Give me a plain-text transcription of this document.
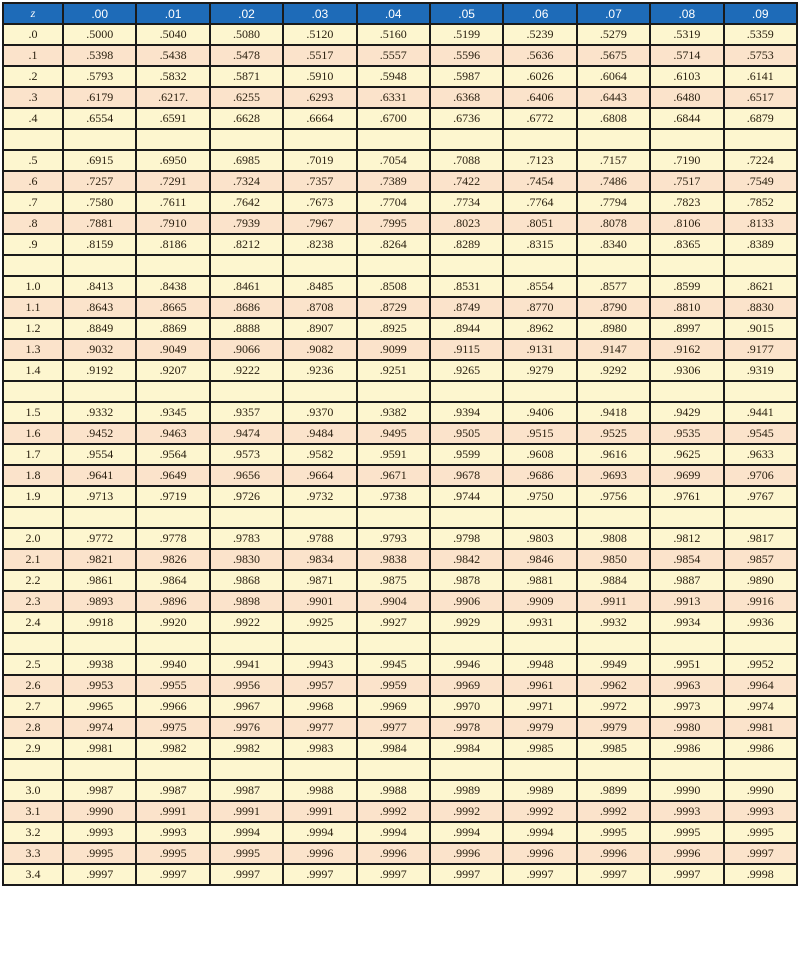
z	.00	.01	.02	.03	.04	.05	.06	.07	.08	.09
.0	.5000	.5040	.5080	.5120	.5160	.5199	.5239	.5279	.5319	.5359
.1	.5398	.5438	.5478	.5517	.5557	.5596	.5636	.5675	.5714	.5753
.2	.5793	.5832	.5871	.5910	.5948	.5987	.6026	.6064	.6103	.6141
.3	.6179	.6217.	.6255	.6293	.6331	.6368	.6406	.6443	.6480	.6517
.4	.6554	.6591	.6628	.6664	.6700	.6736	.6772	.6808	.6844	.6879

.5	.6915	.6950	.6985	.7019	.7054	.7088	.7123	.7157	.7190	.7224
.6	.7257	.7291	.7324	.7357	.7389	.7422	.7454	.7486	.7517	.7549
.7	.7580	.7611	.7642	.7673	.7704	.7734	.7764	.7794	.7823	.7852
.8	.7881	.7910	.7939	.7967	.7995	.8023	.8051	.8078	.8106	.8133
.9	.8159	.8186	.8212	.8238	.8264	.8289	.8315	.8340	.8365	.8389

1.0	.8413	.8438	.8461	.8485	.8508	.8531	.8554	.8577	.8599	.8621
1.1	.8643	.8665	.8686	.8708	.8729	.8749	.8770	.8790	.8810	.8830
1.2	.8849	.8869	.8888	.8907	.8925	.8944	.8962	.8980	.8997	.9015
1.3	.9032	.9049	.9066	.9082	.9099	.9115	.9131	.9147	.9162	.9177
1.4	.9192	.9207	.9222	.9236	.9251	.9265	.9279	.9292	.9306	.9319

1.5	.9332	.9345	.9357	.9370	.9382	.9394	.9406	.9418	.9429	.9441
1.6	.9452	.9463	.9474	.9484	.9495	.9505	.9515	.9525	.9535	.9545
1.7	.9554	.9564	.9573	.9582	.9591	.9599	.9608	.9616	.9625	.9633
1.8	.9641	.9649	.9656	.9664	.9671	.9678	.9686	.9693	.9699	.9706
1.9	.9713	.9719	.9726	.9732	.9738	.9744	.9750	.9756	.9761	.9767

2.0	.9772	.9778	.9783	.9788	.9793	.9798	.9803	.9808	.9812	.9817
2.1	.9821	.9826	.9830	.9834	.9838	.9842	.9846	.9850	.9854	.9857
2.2	.9861	.9864	.9868	.9871	.9875	.9878	.9881	.9884	.9887	.9890
2.3	.9893	.9896	.9898	.9901	.9904	.9906	.9909	.9911	.9913	.9916
2.4	.9918	.9920	.9922	.9925	.9927	.9929	.9931	.9932	.9934	.9936

2.5	.9938	.9940	.9941	.9943	.9945	.9946	.9948	.9949	.9951	.9952
2.6	.9953	.9955	.9956	.9957	.9959	.9969	.9961	.9962	.9963	.9964
2.7	.9965	.9966	.9967	.9968	.9969	.9970	.9971	.9972	.9973	.9974
2.8	.9974	.9975	.9976	.9977	.9977	.9978	.9979	.9979	.9980	.9981
2.9	.9981	.9982	.9982	.9983	.9984	.9984	.9985	.9985	.9986	.9986

3.0	.9987	.9987	.9987	.9988	.9988	.9989	.9989	.9899	.9990	.9990
3.1	.9990	.9991	.9991	.9991	.9992	.9992	.9992	.9992	.9993	.9993
3.2	.9993	.9993	.9994	.9994	.9994	.9994	.9994	.9995	.9995	.9995
3.3	.9995	.9995	.9995	.9996	.9996	.9996	.9996	.9996	.9996	.9997
3.4	.9997	.9997	.9997	.9997	.9997	.9997	.9997	.9997	.9997	.9998
